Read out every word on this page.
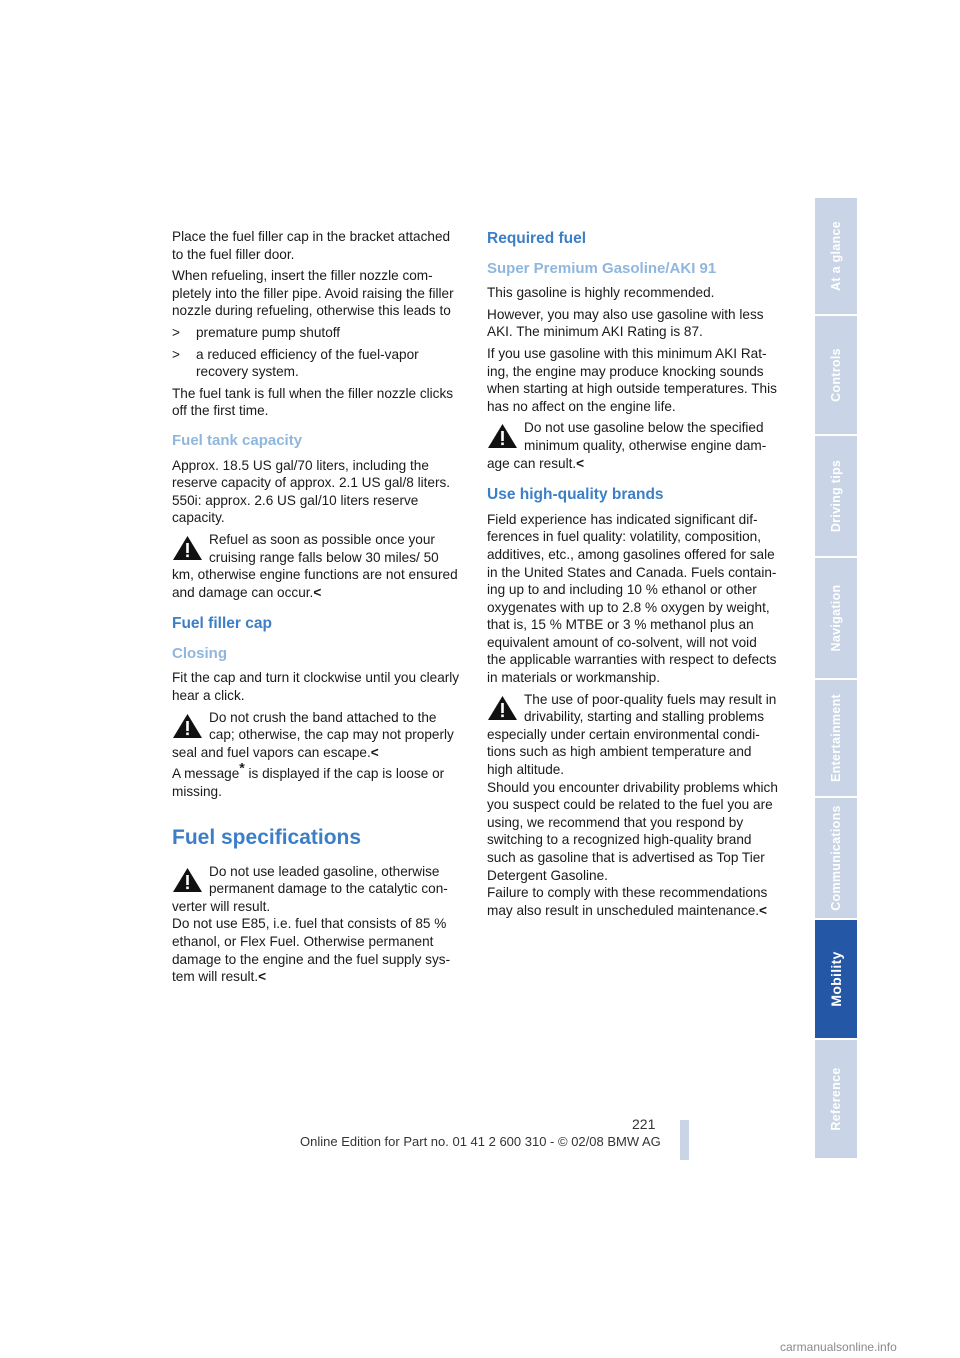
At a glance
Controls
Driving tips
Navigation
Entertainment
Communications
Mobility
Reference

Place the fuel filler cap in the bracket attached to the fuel filler door.

When refueling, insert the filler nozzle com-pletely into the filler pipe. Avoid raising the filler nozzle during refueling, otherwise this leads to

>	premature pump shutoff
>	a reduced efficiency of the fuel-vapor recovery system.

The fuel tank is full when the filler nozzle clicks off the first time.

Fuel tank capacity

Approx. 18.5 US gal/70 liters, including the reserve capacity of approx. 2.1 US gal/8 liters. 550i: approx. 2.6 US gal/10 liters reserve capacity.

Refuel as soon as possible once your cruising range falls below 30 miles/ 50 km, otherwise engine functions are not ensured and damage can occur.<
Fuel filler cap
Closing

Fit the cap and turn it clockwise until you clearly hear a click.

Do not crush the band attached to the cap; otherwise, the cap may not properly seal and fuel vapors can escape.<

A message* is displayed if the cap is loose or missing.

Fuel specifications
Do not use leaded gasoline, otherwise permanent damage to the catalytic con-verter will result.
Do not use E85, i.e. fuel that consists of 85 % ethanol, or Flex Fuel. Otherwise permanent damage to the engine and the fuel supply sys-tem will result.<
Required fuel
Super Premium Gasoline/AKI 91

This gasoline is highly recommended.

However, you may also use gasoline with less AKI. The minimum AKI Rating is 87.

If you use gasoline with this minimum AKI Rat-ing, the engine may produce knocking sounds when starting at high outside temperatures. This has no affect on the engine life.

Do not use gasoline below the specified minimum quality, otherwise engine dam-age can result.<
Use high-quality brands

Field experience has indicated significant dif-ferences in fuel quality: volatility, composition, additives, etc., among gasolines offered for sale in the United States and Canada. Fuels contain-ing up to and including 10 % ethanol or other oxygenates with up to 2.8 % oxygen by weight, that is, 15 % MTBE or 3 % methanol plus an equivalent amount of co-solvent, will not void the applicable warranties with respect to defects in materials or workmanship.

The use of poor-quality fuels may result in drivability, starting and stalling problems especially under certain environmental condi-tions such as high ambient temperature and high altitude.
Should you encounter drivability problems which you suspect could be related to the fuel you are using, we recommend that you respond by switching to a recognized high-quality brand such as gasoline that is advertised as Top Tier Detergent Gasoline.
Failure to comply with these recommendations may also result in unscheduled maintenance.<
221
Online Edition for Part no. 01 41 2 600 310 - © 02/08 BMW AG
carmanualsonline.info
